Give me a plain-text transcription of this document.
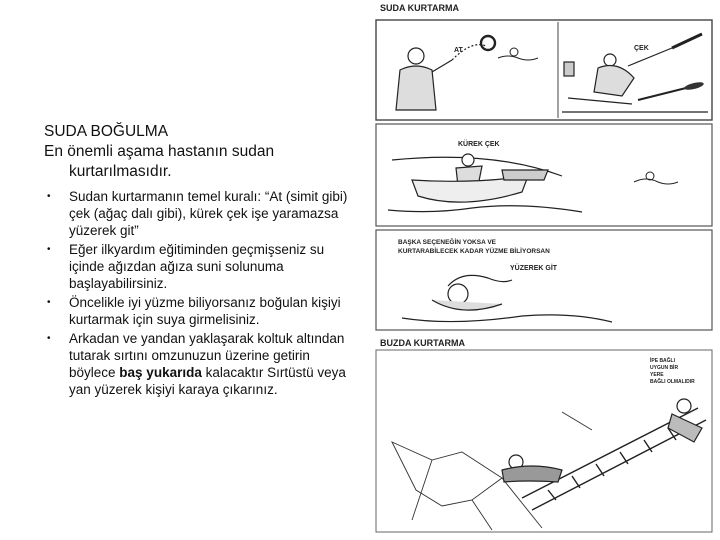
SUDA BOĞULMA
En önemli aşama hastanın sudan
kurtarılmasıdır.
• Sudan kurtarmanın temel kuralı: “At (simit gibi) çek (ağaç dalı gibi), kürek çek işe yaramazsa yüzerek git”
• Eğer ilkyardım eğitiminden geçmişseniz su içinde ağızdan ağıza suni solunuma başlayabilirsiniz.
• Öncelikle iyi yüzme biliyorsanız boğulan kişiyi kurtarmak için suya girmelisiniz.
• Arkadan ve yandan yaklaşarak koltuk altından tutarak sırtını omzunuzun üzerine getirin böylece baş yukarıda kalacaktır Sırtüstü veya yan yüzerek kişiyi karaya çıkarınız.
SUDA KURTARMA
AT	ÇEK
KÜREK ÇEK
BAŞKA SEÇENEĞİN YOKSA VE
KURTARABİLECEK KADAR YÜZME BİLİYORSAN
YÜZEREK GİT
BUZDA KURTARMA
İPE BAĞLI
UYGUN BİR
YERE
BAĞLI OLMALIDIR
